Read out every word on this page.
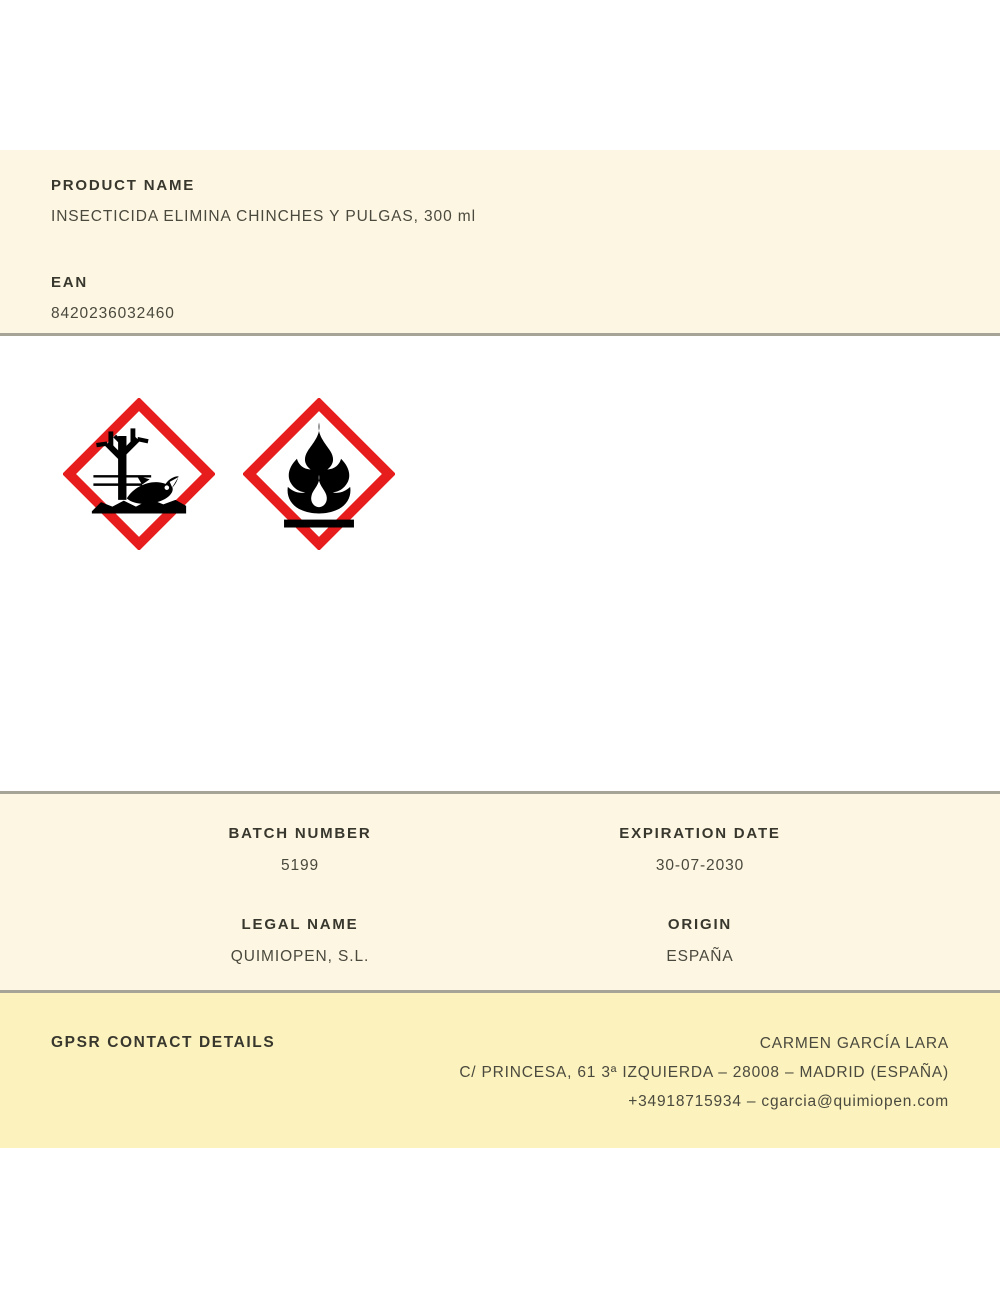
PRODUCT NAME
INSECTICIDA ELIMINA CHINCHES Y PULGAS, 300 ml
EAN
8420236032460
BATCH NUMBER
5199
EXPIRATION DATE
30-07-2030
LEGAL NAME
QUIMIOPEN, S.L.
ORIGIN
ESPAÑA
GPSR CONTACT DETAILS	CARMEN GARCÍA LARA
C/ PRINCESA, 61 3ª IZQUIERDA – 28008 – MADRID (ESPAÑA)
+34918715934 – cgarcia@quimiopen.com
